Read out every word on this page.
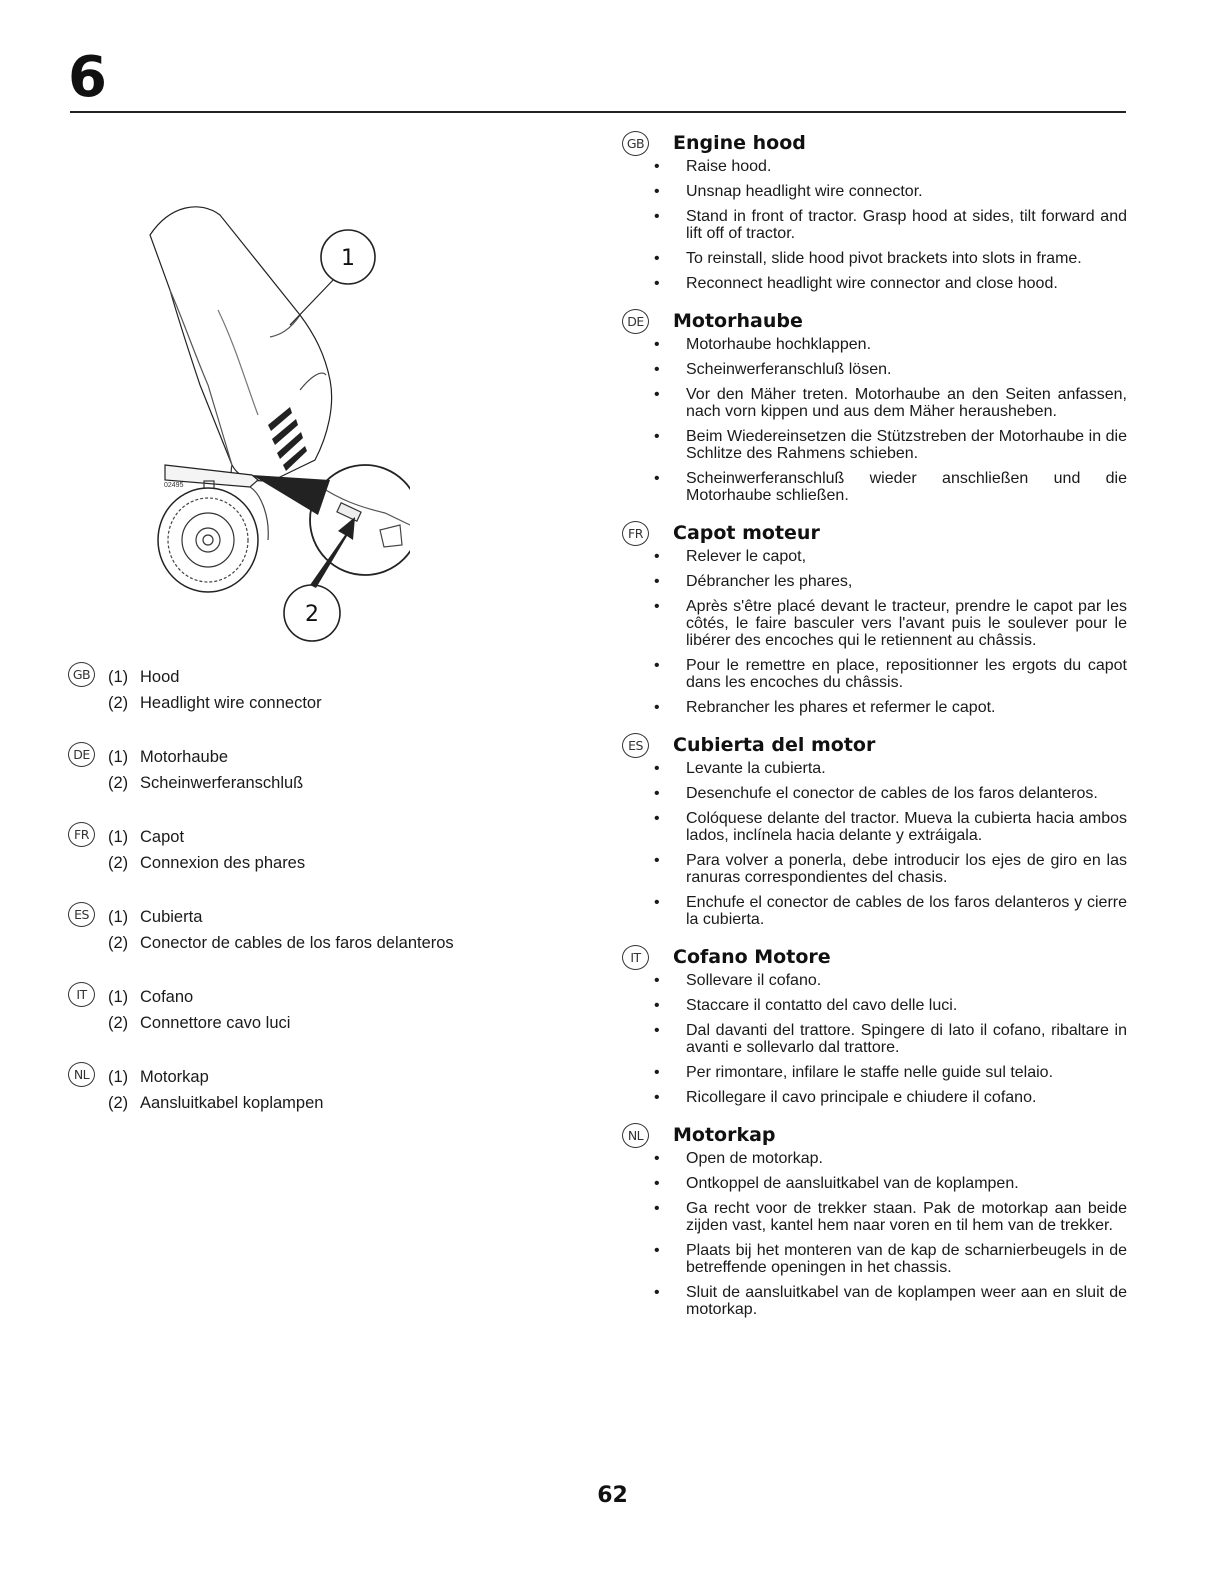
6
1
2
02495
GB (1) Hood
(2) Headlight wire connector
DE	(1) Motorhaube
(2) Scheinwerferanschluß
FR	(1) Capot
(2) Connexion des phares
ES	(1) Cubierta
(2) Conector de cables de los faros delanteros
IT	(1) Cofano
(2) Connettore cavo luci
NL	(1) Motorkap
(2) Aansluitkabel koplampen
GB Engine hood
• Raise hood.
• Unsnap headlight wire connector.
• Stand in front of tractor. Grasp hood at sides, tilt forward and lift off of tractor.
• To reinstall, slide hood pivot brackets into slots in frame.
• Reconnect headlight wire connector and close hood.
DE Motorhaube
• Motorhaube hochklappen.
• Scheinwerferanschluß lösen.
• Vor den Mäher treten. Motorhaube an den Seiten anfassen, nach vorn kippen und aus dem Mäher herausheben.
• Beim Wiedereinsetzen die Stützstreben der Motorhaube in die Schlitze des Rahmens schieben.
• Scheinwerferanschluß wieder anschließen und die Motorhaube schließen.
FR	Capot moteur
• Relever le capot,
• Débrancher les phares,
• Après s'être placé devant le tracteur, prendre le capot par les côtés, le faire basculer vers l'avant puis le soulever pour le libérer des encoches qui le retiennent au châssis.
• Pour le remettre en place, repositionner les ergots du capot dans les encoches du châssis.
• Rebrancher les phares et refermer le capot.
ES	Cubierta del motor
• Levante la cubierta.
• Desenchufe el conector de cables de los faros delanteros.
• Colóquese delante del tractor. Mueva la cubierta hacia ambos lados, inclínela hacia delante y extráigala.
• Para volver a ponerla, debe introducir los ejes de giro en las ranuras correspondientes del chasis.
• Enchufe el conector de cables de los faros delanteros y cierre la cubierta.
IT	Cofano Motore
• Sollevare il cofano.
• Staccare il contatto del cavo delle luci.
• Dal davanti del trattore. Spingere di lato il cofano, ribaltare in avanti e sollevarlo dal trattore.
• Per rimontare, infilare le staffe nelle guide sul telaio.
• Ricollegare il cavo principale e chiudere il cofano.
NL	Motorkap
• Open de motorkap.
• Ontkoppel de aansluitkabel van de koplampen.
• Ga recht voor de trekker staan. Pak de motorkap aan beide zijden vast, kantel hem naar voren en til hem van de trekker.
• Plaats bij het monteren van de kap de scharnierbeugels in de betreffende openingen in het chassis.
• Sluit de aansluitkabel van de koplampen weer aan en sluit de motorkap.
62
